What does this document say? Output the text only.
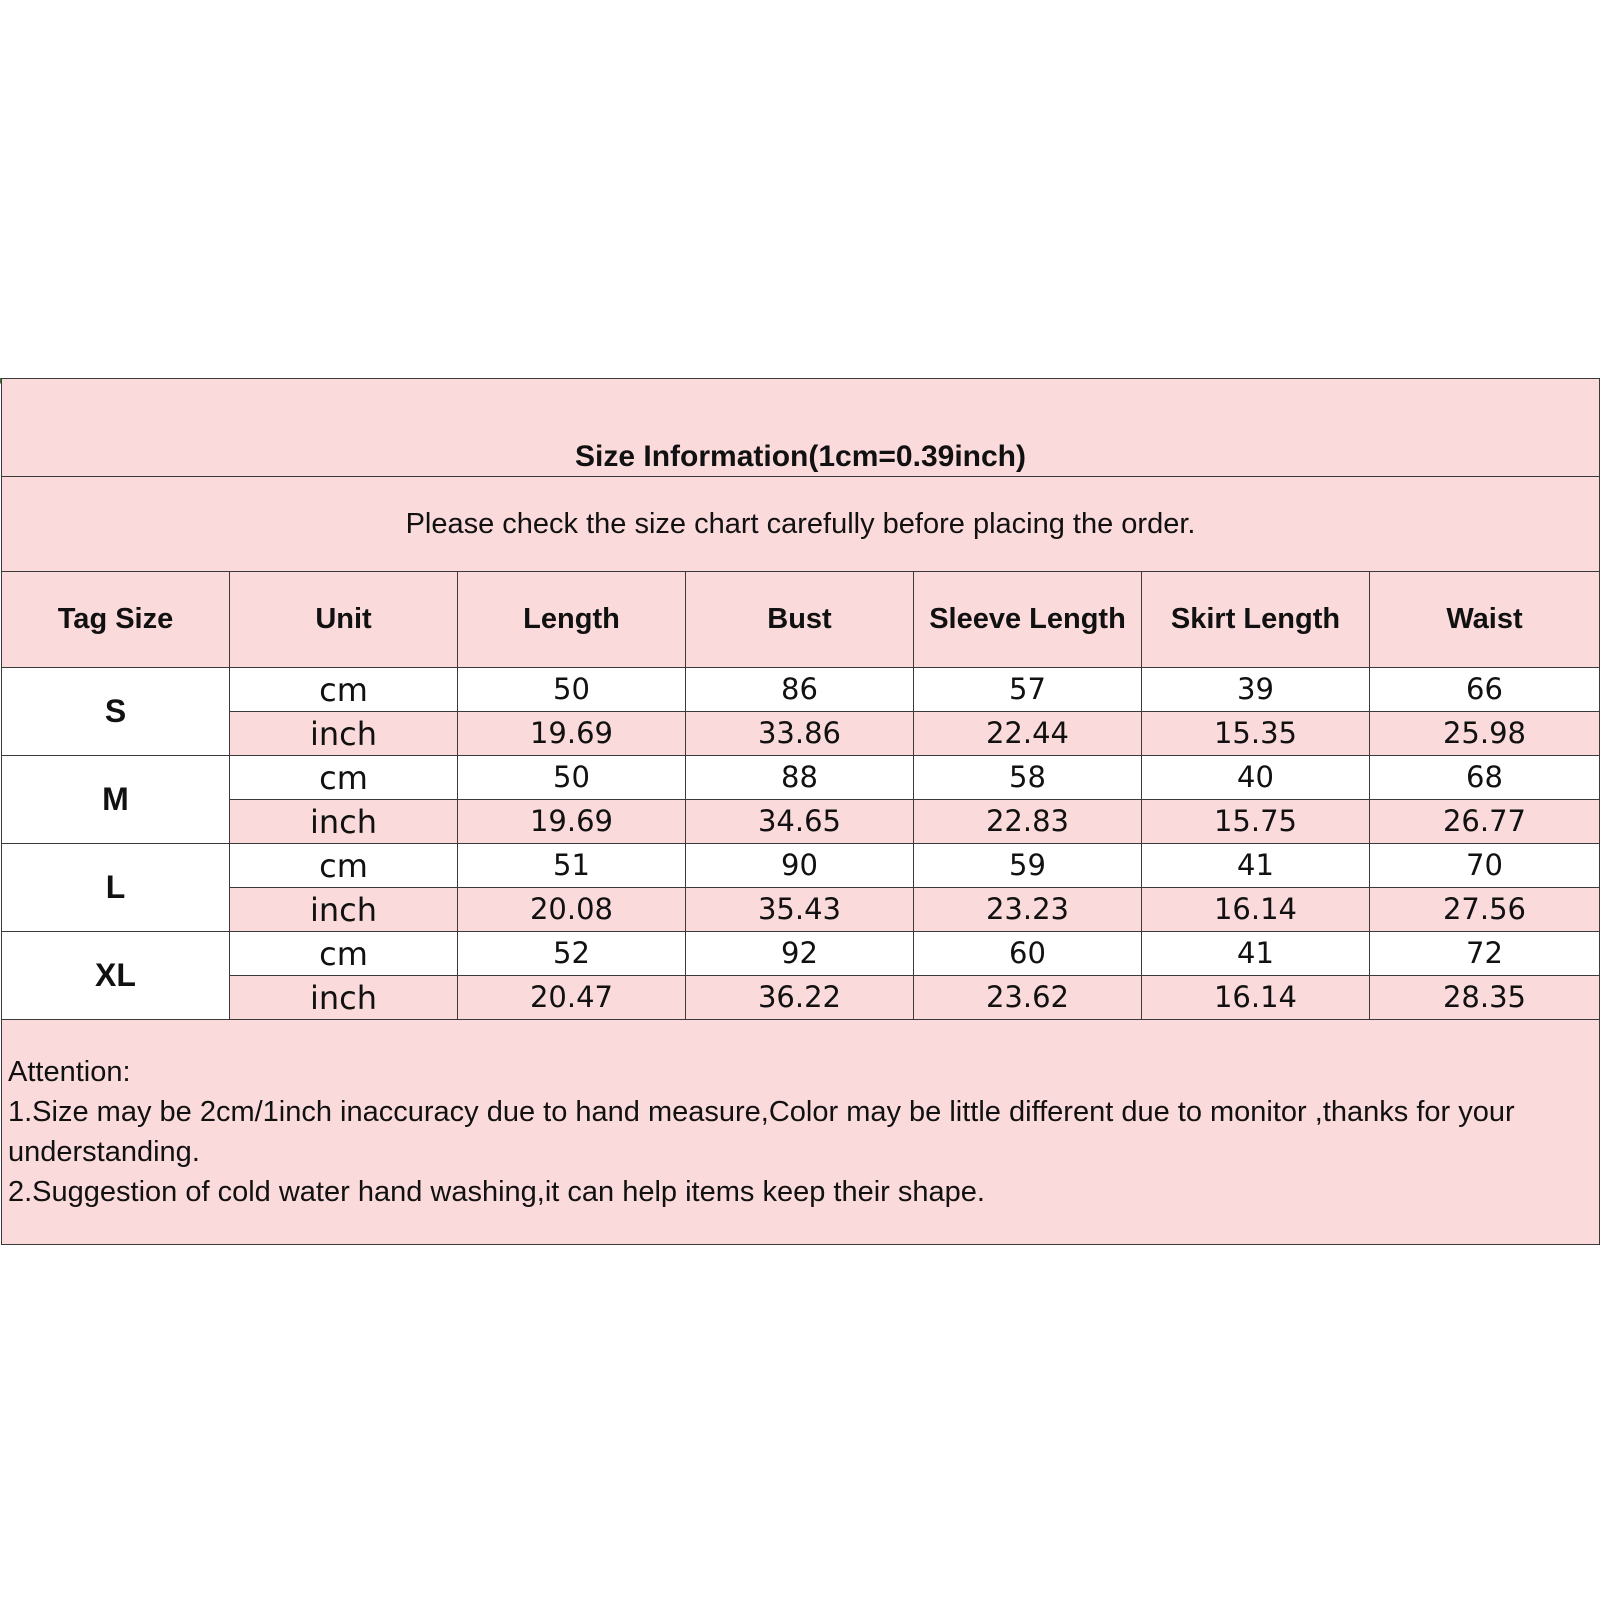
Size Information(1cm=0.39inch)						
Please check the size chart carefully before placing the order.						
Tag Size	Unit	Length	Bust	Sleeve Length	Skirt Length	Waist
S	cm	50	86	57	39	66
	inch	19.69	33.86	22.44	15.35	25.98
M	cm	50	88	58	40	68
	inch	19.69	34.65	22.83	15.75	26.77
L	cm	51	90	59	41	70
	inch	20.08	35.43	23.23	16.14	27.56
XL	cm	52	92	60	41	72
	inch	20.47	36.22	23.62	16.14	28.35

Attention:
1.Size may be 2cm/1inch inaccuracy due to hand measure,Color may be little different due to monitor ,thanks for your understanding.
2.Suggestion of cold water hand washing,it can help items keep their shape.						
